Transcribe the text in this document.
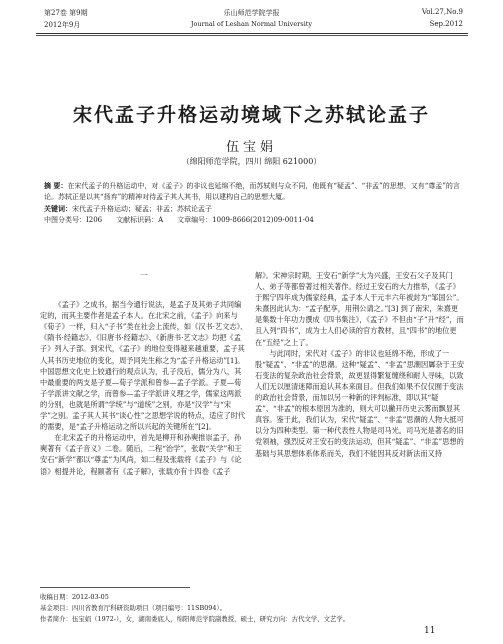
第27卷 第9期
2012年9月
乐山师范学院学报
Journal of Leshan Normal University
Vol.27,No.9
Sep.2012
宋代孟子升格运动境域下之苏轼论孟子
伍宝娟
（绵阳师范学院，四川 绵阳 621000）

摘 要：在宋代孟子的升格运动中，对《孟子》的非议也延绵不绝，而苏轼则与众不同，他既有“疑孟”、“非孟”的思想，又有“尊孟”的言论。苏轼正是以其“扬弃”的精神对待孟子其人其书，用以建构自己的思想大厦。

关键词：宋代孟子升格运动；疑孟；非孟；苏轼论孟子

中图分类号：I206　　文献标识码：A　　文章编号：1009-8666(2012)09-0011-04

一

《孟子》之成书，据当今通行说法，是孟子及其弟子共同编定的，而其主要作者是孟子本人。在北宋之前，《孟子》向来与《荀子》一样，归入“子书”类在社会上流传，如《汉书·艺文志》、《隋书·经籍志》、《旧唐书·经籍志》、《新唐书·艺文志》均把《孟子》列入子部。到宋代，《孟子》的地位变得越来越重要，孟子其人其书历史地位的变化，周予同先生称之为“孟子升格运动”[1]。中国思想文化史上较通行的观点认为，孔子没后，儒分为八，其中最重要的两支是子夏—荀子学派和曾参—孟子学派。子夏—荀子学派讲文献之学，而曾参—孟子学派讲义理之学，儒家这两派的分别，也就是所谓“学统”与“道统”之别，亦是“汉学”与“宋学”之别。孟子其人其书“谈心性”之思想学说的特点，适应了时代的需要，是“孟子升格运动之所以兴起的关键所在”[2]。

在北宋孟子的升格运动中，首先是柳开和孙奭推崇孟子，孙奭著有《孟子音义》二卷。随后，二程“治学”，张载“关学”和王安石“新学”都以“尊孟”为风尚，如二程及张载将《孟子》与《论语》相提并论，程颐著有《孟子解》，张载亦有十四卷《孟子

解》。宋神宗时期，王安石“新学”大为兴盛，王安石父子及其门人、弟子等都曾著过相关著作。经过王安石的大力推举，《孟子》于熙宁四年成为儒家经典，孟子本人于元丰六年被封为“邹国公”。朱熹因此认为：“孟子配享，用荆公请之。”[3] 到了南宋，朱熹更是集数十年功力撰成《四书集注》，《孟子》不但由“子”升“经”，而且入列“四书”，成为士人们必读的官方教材，且“四书”的地位更在“五经”之上了。

与此同时，宋代对《孟子》的非议也延绵不绝，形成了一股“疑孟”、“非孟”的思潮。这种“疑孟”、“非孟”思潮因羼杂于王安石变法的复杂政治社会背景，故更显得繁复缠绕和耐人寻味，以致人们无以厘清迷障而追认其本来面目。但我们如果不仅仅囿于变法的政治社会背景，而加以另一种新的评判标准，即以其“疑孟”、“非孟”的根本原因为准的，则大可以撇开历史云雾而飘显其真容。鉴于此，我们认为，宋代“疑孟”、“非孟”思潮的人物大抵可以分为四种类型。第一种代表性人物是司马光。司马光是著名的旧党领袖，强烈反对王安石的变法运动，但其“疑孟”、“非孟”思想的基础与其思想体系体系而关，我们不能因其反对新法而又持

收稿日期：2012-03-05

基金项目：四川省教育厅科研资助项目（项目编号：11SB094）。

作者简介：伍宝娟（1972-），女，湖南娄底人，绵阳师范学院副教授，硕士，研究方向：古代文学、文艺学。

11
